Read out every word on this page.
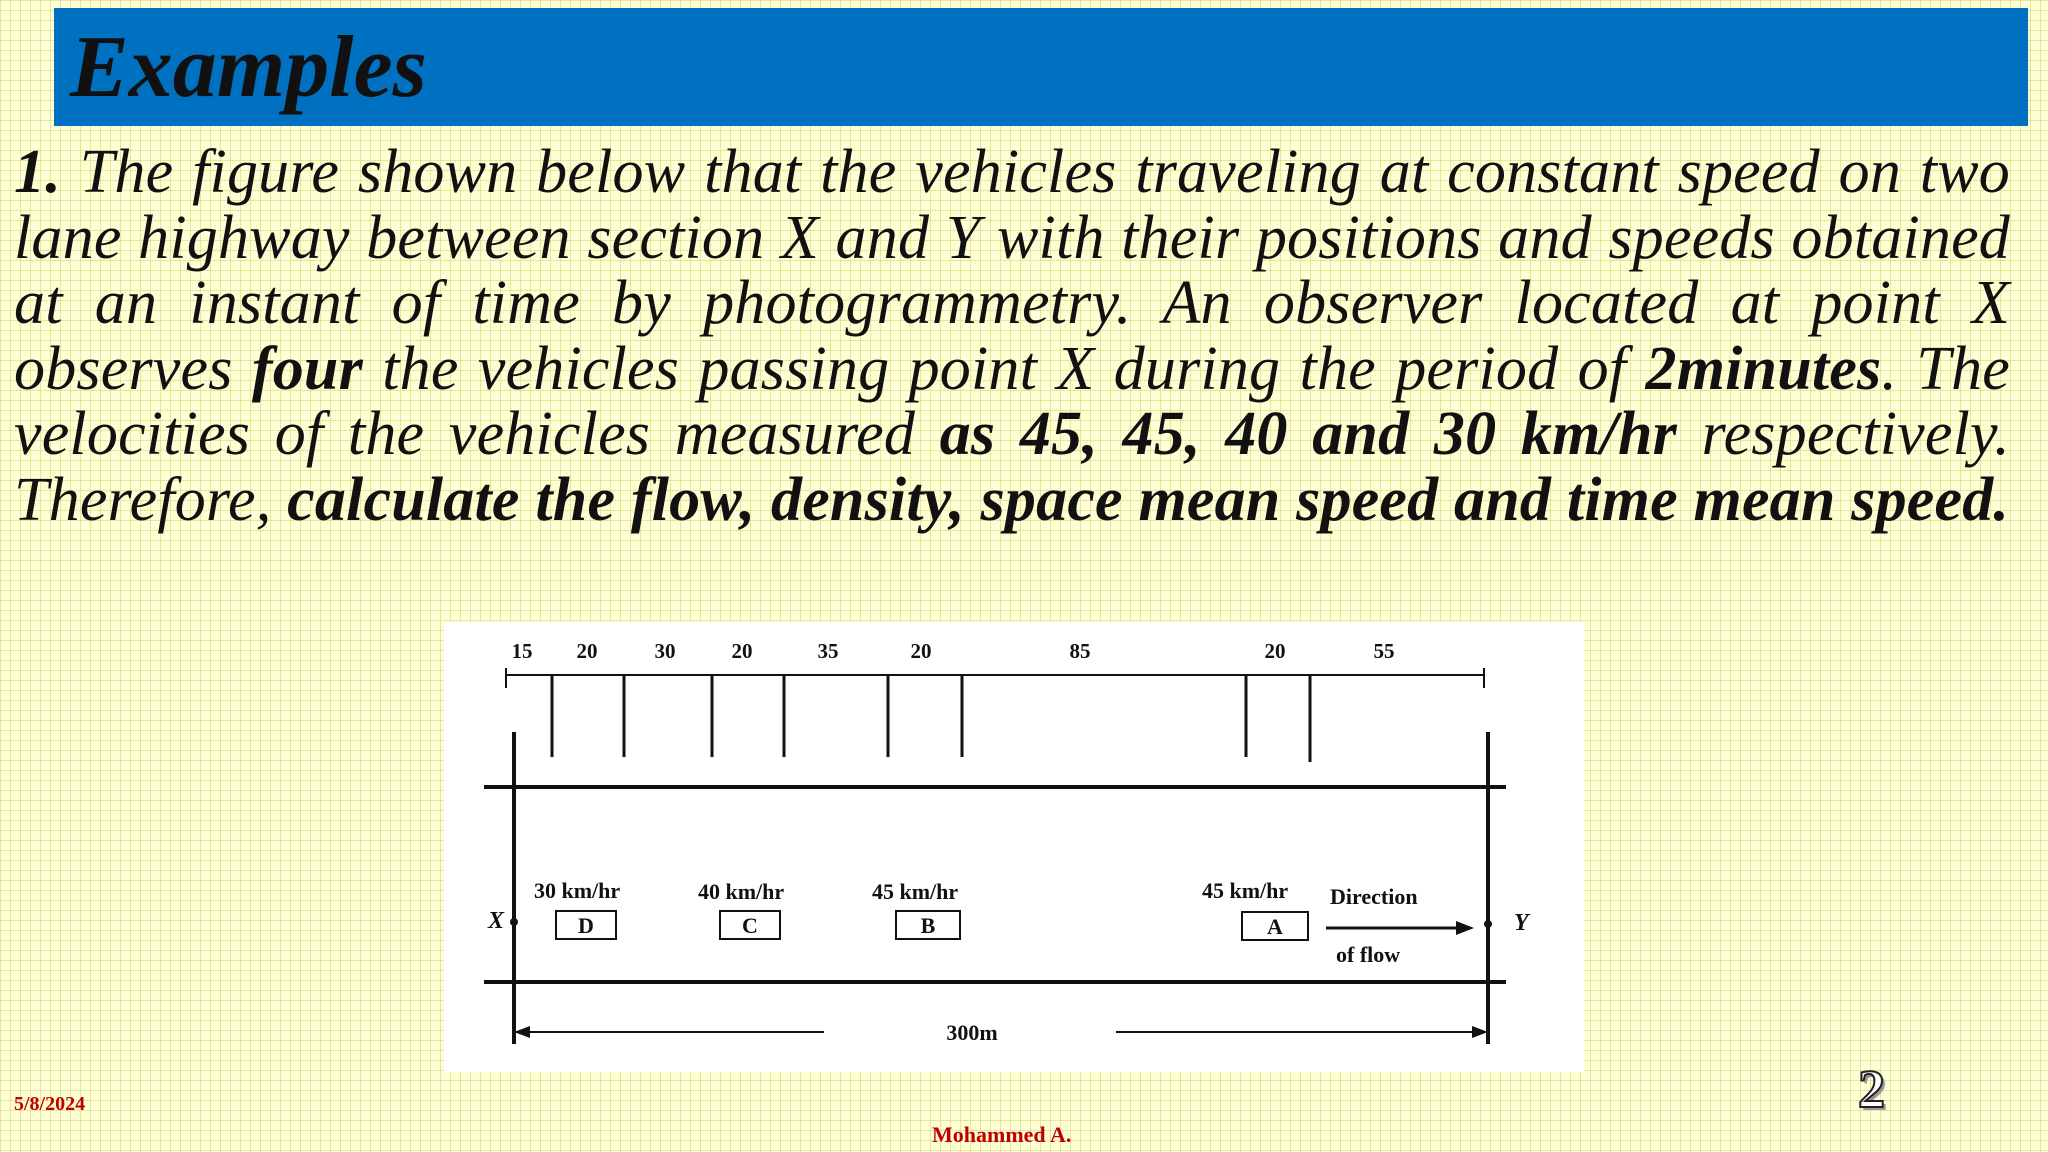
Examples
1. The figure shown below that the vehicles traveling at constant speed on two lane highway between section X and Y with their positions and speeds obtained at an instant of time by photogrammetry. An observer located at point X observes four the vehicles passing point X during the period of 2minutes. The velocities of the vehicles measured as 45, 45, 40 and 30 km/hr respectively. Therefore, calculate the flow, density, space mean speed and time mean speed.
15 20	30	20	35	20	85	20	55
X	Y
30 km/hr	40 km/hr	45 km/hr	45 km/hr
D	C	B	A
Direction
of flow
300m
5/8/2024
Mohammed A.
2
